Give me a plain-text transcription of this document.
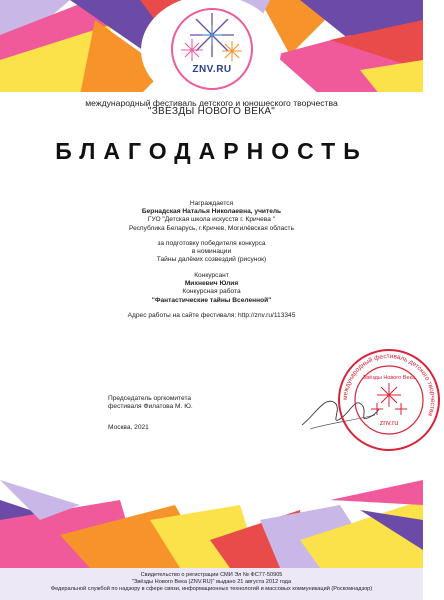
ZNV.RU
международный фестиваль детского и юношеского творчества
"ЗВЁЗДЫ НОВОГО ВЕКА"
БЛАГОДАРНОСТЬ
Награждается
Бернадская Наталья Николаевна, учитель
ГУО "Детская школа искусств г. Кричева "
Республика Беларусь, г.Кричев, Могилёвская область
за подготовку победителя конкурса
в номинации
Тайны далёких созвездий (рисунок)
Конкурсант
Михневич Юлия
Конкурсная работа
"Фантастические тайны Вселенной"
Адрес работы на сайте фестиваля: http://znv.ru/113345
Председатель оргкомитета
фестиваля Филатова М. Ю.
Москва, 2021
международный фестиваль детского творчества
Звёзды Нового Века
znv.ru
Свидетельство о регистрации СМИ Эл № ФС77-50905
"Звёзды Нового Века (ZNV.RU)" выдано 21 августа 2012 года
Федеральной службой по надзору в сфере связи, информационных технологий и массовых коммуникаций (Роскомнадзор)
